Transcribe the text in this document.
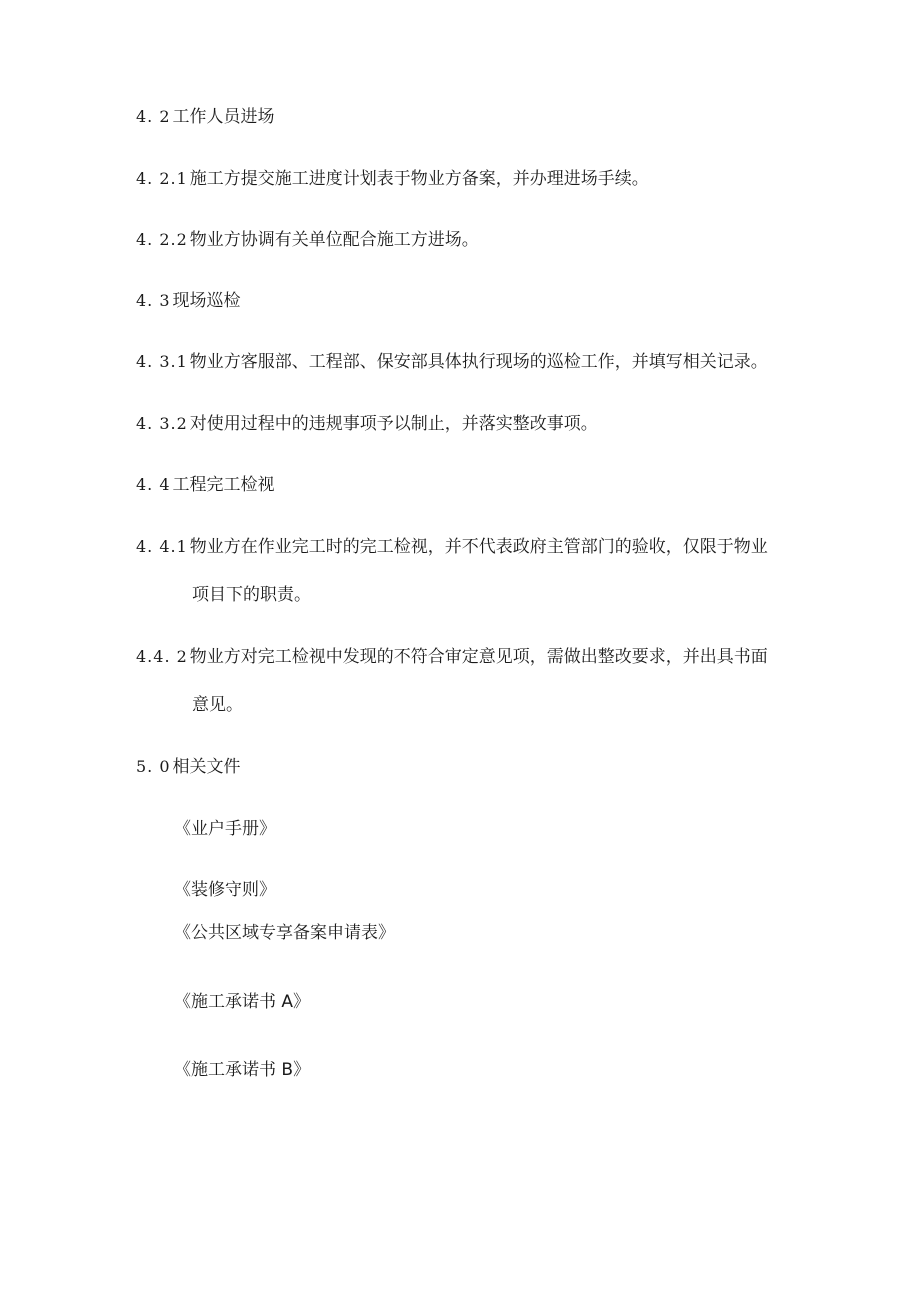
4. 2 工作人员进场
4. 2.1 施工方提交施工进度计划表于物业方备案，并办理进场手续。
4. 2.2 物业方协调有关单位配合施工方进场。
4. 3 现场巡检
4. 3.1 物业方客服部、工程部、保安部具体执行现场的巡检工作，并填写相关记录。
4. 3.2 对使用过程中的违规事项予以制止，并落实整改事项。
4. 4 工程完工检视
4. 4.1 物业方在作业完工时的完工检视，并不代表政府主管部门的验收，仅限于物业
项目下的职责。
4.4. 2 物业方对完工检视中发现的不符合审定意见项，需做出整改要求，并出具书面
意见。
5. 0 相关文件
《业户手册》
《装修守则》
《公共区域专享备案申请表》
《施工承诺书 A》
《施工承诺书 B》
